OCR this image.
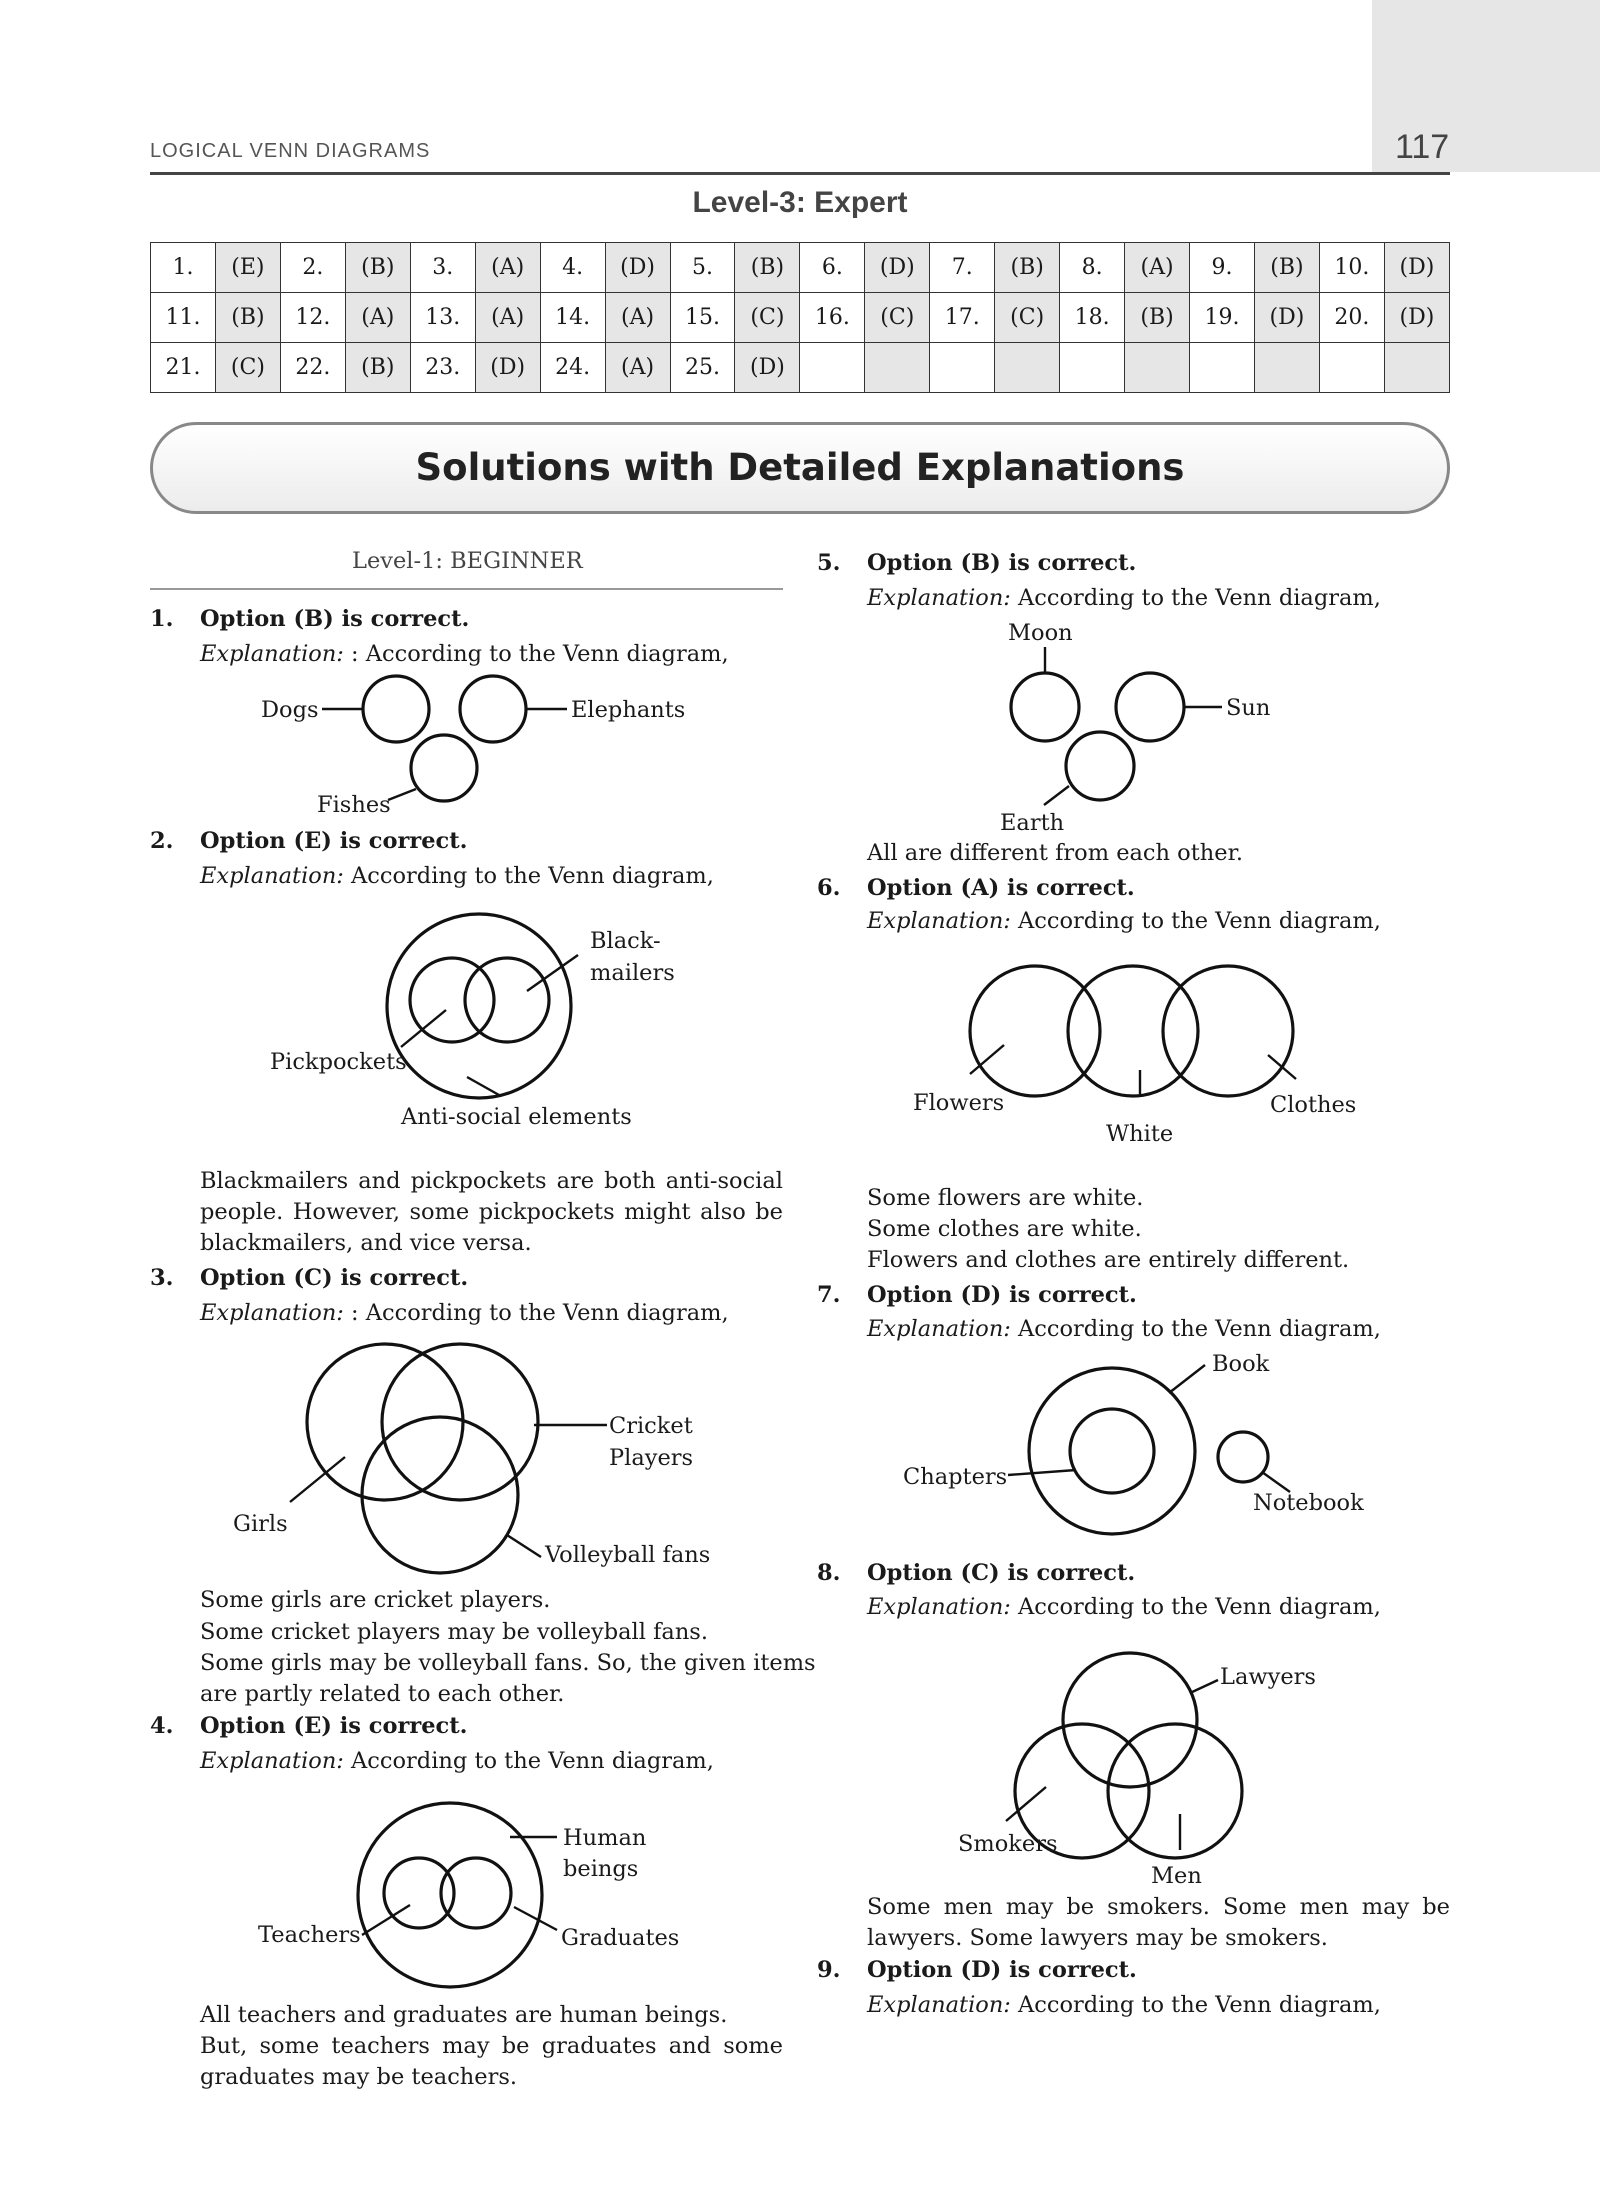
LOGICAL VENN DIAGRAMS	117
Level-3: Expert
1.	(E)	2.	(B)	3.	(A)	4.	(D)	5.	(B)	6.	(D)	7.	(B)	8.	(A)	9.	(B)	10.	(D)
11.	(B)	12.	(A)	13.	(A)	14.	(A)	15.	(C)	16.	(C)	17.	(C)	18.	(B)	19.	(D)	20.	(D)
21.	(C)	22.	(B)	23.	(D)	24.	(A)	25.	(D)										
Solutions with Detailed Explanations
Level-1: BEGINNER
1. Option (B) is correct.
Explanation: : According to the Venn diagram,
2. Option (E) is correct.
Explanation: According to the Venn diagram,
Blackmailers and pickpockets are both anti-social
people. However, some pickpockets might also be
blackmailers, and vice versa.
3. Option (C) is correct.
Explanation: : According to the Venn diagram,
Some girls are cricket players.
Some cricket players may be volleyball fans.
Some girls may be volleyball fans. So, the given items
are partly related to each other.
4. Option (E) is correct.
Explanation: According to the Venn diagram,
All teachers and graduates are human beings.
But, some teachers may be graduates and some
graduates may be teachers.
5. Option (B) is correct.
Explanation: According to the Venn diagram,
All are different from each other.
6. Option (A) is correct.
Explanation: According to the Venn diagram,
Some flowers are white.
Some clothes are white.
Flowers and clothes are entirely different.
7. Option (D) is correct.
Explanation: According to the Venn diagram,
8. Option (C) is correct.
Explanation: According to the Venn diagram,
Some men may be smokers. Some men may be
lawyers. Some lawyers may be smokers.
9. Option (D) is correct.
Explanation: According to the Venn diagram,
Dogs	Elephants
Fishes
Black-
mailers
Pickpockets
Anti-social elements
Cricket
Players
Girls
Volleyball fans
Human
beings
Teachers	Graduates
Moon
Sun
Earth
Flowers
White
Clothes
Book
Chapters
Notebook
Lawyers
Smokers
Men
